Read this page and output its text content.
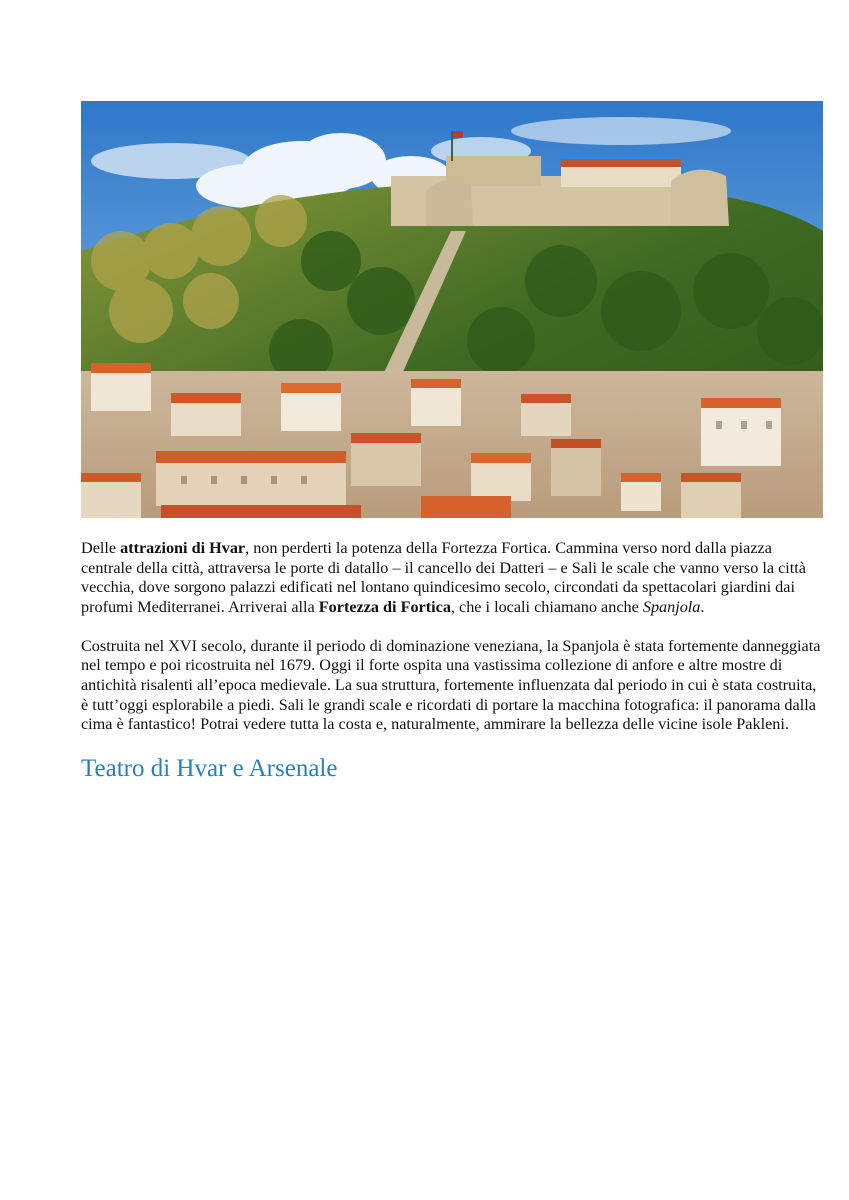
Delle attrazioni di Hvar, non perderti la potenza della Fortezza Fortica. Cammina verso nord dalla piazza centrale della città, attraversa le porte di datallo – il cancello dei Datteri – e Sali le scale che vanno verso la città vecchia, dove sorgono palazzi edificati nel lontano quindicesimo secolo, circondati da spettacolari giardini dai profumi Mediterranei. Arriverai alla Fortezza di Fortica, che i locali chiamano anche Spanjola.

Costruita nel XVI secolo, durante il periodo di dominazione veneziana, la Spanjola è stata fortemente danneggiata nel tempo e poi ricostruita nel 1679. Oggi il forte ospita una vastissima collezione di anfore e altre mostre di antichità risalenti all’epoca medievale. La sua struttura, fortemente influenzata dal periodo in cui è stata costruita, è tutt’oggi esplorabile a piedi. Sali le grandi scale e ricordati di portare la macchina fotografica: il panorama dalla cima è fantastico! Potrai vedere tutta la costa e, naturalmente, ammirare la bellezza delle vicine isole Pakleni.

Teatro di Hvar e Arsenale
